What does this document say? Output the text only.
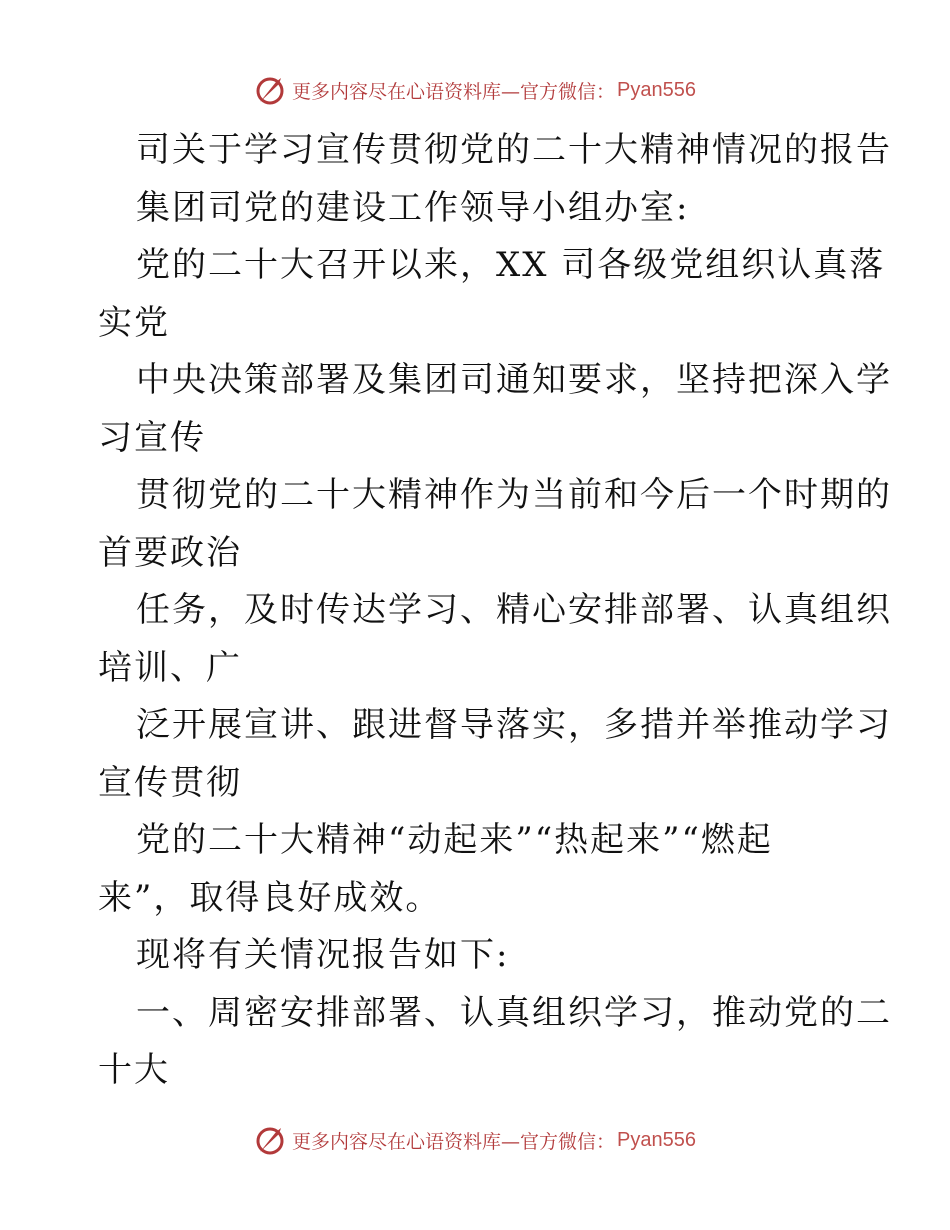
更多内容尽在心语资料库—官方微信： Pyan556
司关于学习宣传贯彻党的二十大精神情况的报告
集团司党的建设工作领导小组办室:
党的二十大召开以来，XX 司各级党组织认真落
实党
中央决策部署及集团司通知要求，坚持把深入学
习宣传
贯彻党的二十大精神作为当前和今后一个时期的
首要政治
任务，及时传达学习、精心安排部署、认真组织
培训、广
泛开展宣讲、跟进督导落实，多措并举推动学习
宣传贯彻
党的二十大精神“动起来”“热起来”“燃起
来”，取得良好成效。
现将有关情况报告如下:
一、周密安排部署、认真组织学习，推动党的二
十大
更多内容尽在心语资料库—官方微信： Pyan556
